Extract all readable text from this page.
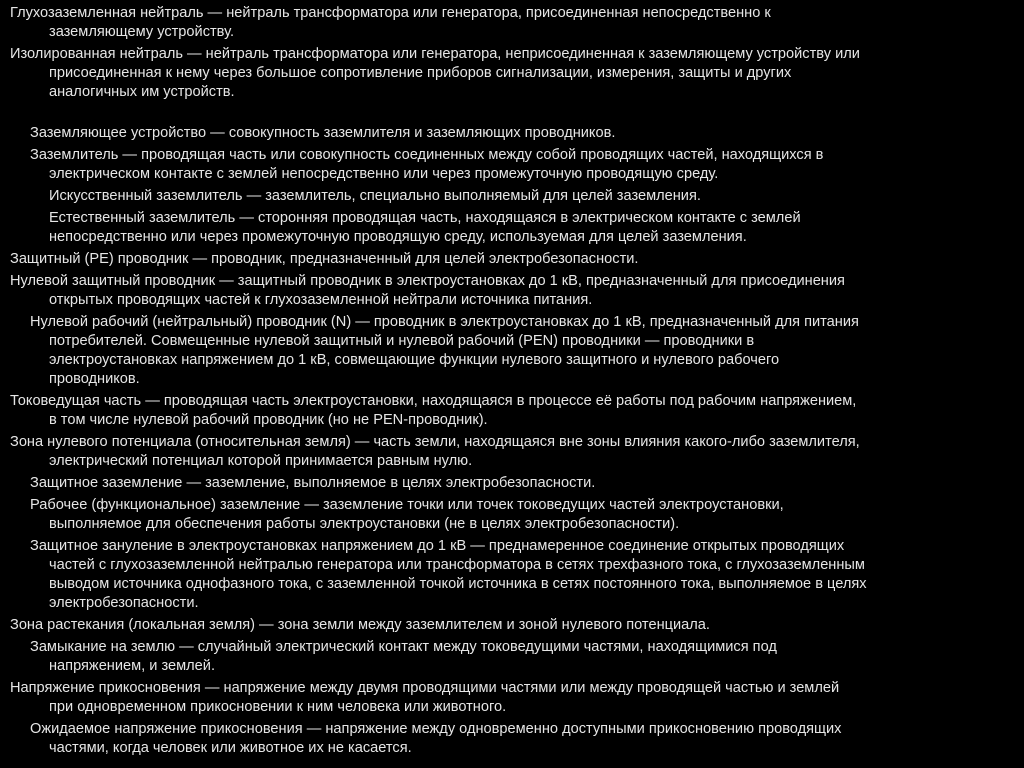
Глухозаземленная нейтраль — нейтраль трансформатора или генератора, присоединенная непосредственно к
заземляющему устройству.

Изолированная нейтраль — нейтраль трансформатора или генератора, неприсоединенная к заземляющему устройству или
присоединенная к нему через большое сопротивление приборов сигнализации, измерения, защиты и других
аналогичных им устройств.

Заземляющее устройство — совокупность заземлителя и заземляющих проводников.

Заземлитель — проводящая часть или совокупность соединенных между собой проводящих частей, находящихся в
электрическом контакте с землей непосредственно или через промежуточную проводящую среду.

Искусственный заземлитель — заземлитель, специально выполняемый для целей заземления.

Естественный заземлитель — сторонняя проводящая часть, находящаяся в электрическом контакте с землей
непосредственно или через промежуточную проводящую среду, используемая для целей заземления.

Защитный (PE) проводник — проводник, предназначенный для целей электробезопасности.

Нулевой защитный проводник — защитный проводник в электроустановках до 1 кВ, предназначенный для присоединения
открытых проводящих частей к глухозаземленной нейтрали источника питания.

Нулевой рабочий (нейтральный) проводник (N) — проводник в электроустановках до 1 кВ, предназначенный для питания
потребителей. Совмещенные нулевой защитный и нулевой рабочий (PEN) проводники — проводники в
электроустановках напряжением до 1 кВ, совмещающие функции нулевого защитного и нулевого рабочего
проводников.

Токоведущая часть — проводящая часть электроустановки, находящаяся в процессе её работы под рабочим напряжением,
в том числе нулевой рабочий проводник (но не PEN-проводник).

Зона нулевого потенциала (относительная земля) — часть земли, находящаяся вне зоны влияния какого-либо заземлителя,
электрический потенциал которой принимается равным нулю.

Защитное заземление — заземление, выполняемое в целях электробезопасности.

Рабочее (функциональное) заземление — заземление точки или точек токоведущих частей электроустановки,
выполняемое для обеспечения работы электроустановки (не в целях электробезопасности).

Защитное зануление в электроустановках напряжением до 1 кВ — преднамеренное соединение открытых проводящих
частей с глухозаземленной нейтралью генератора или трансформатора в сетях трехфазного тока, с глухозаземленным
выводом источника однофазного тока, с заземленной точкой источника в сетях постоянного тока, выполняемое в целях
электробезопасности.

Зона растекания (локальная земля) — зона земли между заземлителем и зоной нулевого потенциала.

Замыкание на землю — случайный электрический контакт между токоведущими частями, находящимися под
напряжением, и землей.

Напряжение прикосновения — напряжение между двумя проводящими частями или между проводящей частью и землей
при одновременном прикосновении к ним человека или животного.

Ожидаемое напряжение прикосновения — напряжение между одновременно доступными прикосновению проводящих
частями, когда человек или животное их не касается.
